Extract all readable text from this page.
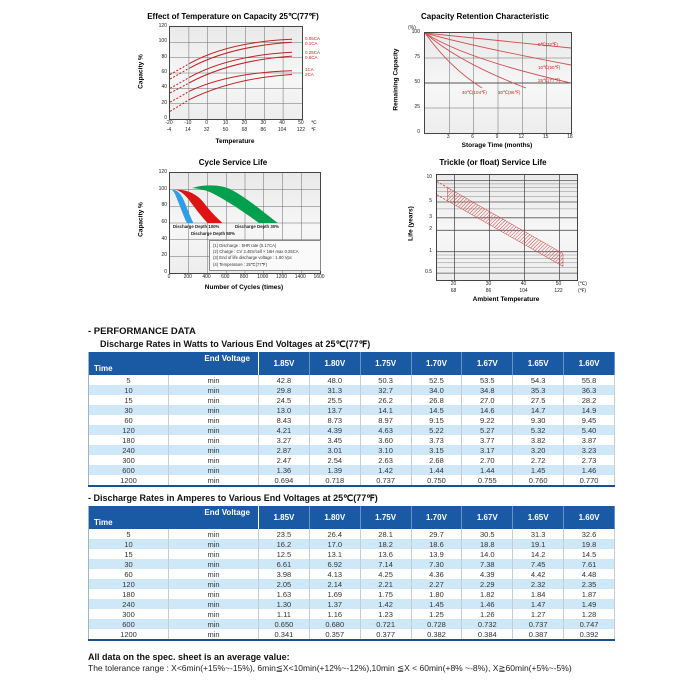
Effect of Temperature on Capacity 25℃(77℉)
Capacity %
120
100
80
60
40
20
0
0.05CA
0.1CA
0.25CA
0.6CA
1CA
2CA
-20	-10	0	10	20	30	40	50
-4	14	32	50	68	86	104	122
℃
℉
Temperature
Capacity Retention Characteristic
Remaining Capacity
(%)
100
75
50
25
0
0℃(32℉)
10℃(50℉)
25℃(77℉)
40℃(104℉) 30℃(86℉)
3	6	9	12	15	18
Storage Time (months)
Cycle Service Life
Capacity %
120
100
80
60
40
20
0
Discharge Depth 100%
Discharge Depth 50%
Discharge Depth 30%
(1) Discharge : 5HR rate (0.17CA)
(2) Charge : CV 2.45V/cell × 16H max 0.25CA
(3) End of life discharge voltage : 1.80 Vpc
(4) Temperature : 25℃(77℉)
0	200	400	600	800	1000	1200	1400	1600
Number of Cycles (times)
Trickle (or float) Service Life
Life (years)
10
5
3
2
1
0.5
20	30	40	50
68	86	104	122
(℃)
(℉)
Ambient Temperature

- PERFORMANCE DATA

Discharge Rates in Watts to Various End Voltages at 25℃(77℉)

End Voltage
Time		1.85V	1.80V	1.75V	1.70V	1.67V	1.65V	1.60V
5	min	42.8	48.0	50.3	52.5	53.5	54.3	55.8
10	min	29.8	31.3	32.7	34.0	34.8	35.3	36.3
15	min	24.5	25.5	26.2	26.8	27.0	27.5	28.2
30	min	13.0	13.7	14.1	14.5	14.6	14.7	14.9
60	min	8.43	8.73	8.97	9.15	9.22	9.30	9.45
120	min	4.21	4.39	4.63	5.22	5.27	5.32	5.40
180	min	3.27	3.45	3.60	3.73	3.77	3.82	3.87
240	min	2.87	3.01	3.10	3.15	3.17	3.20	3.23
300	min	2.47	2.54	2.63	2.68	2.70	2.72	2.73
600	min	1.36	1.39	1.42	1.44	1.44	1.45	1.46
1200	min	0.694	0.718	0.737	0.750	0.755	0.760	0.770

- Discharge Rates in Amperes to Various End Voltages at 25℃(77℉)

End Voltage
Time		1.85V	1.80V	1.75V	1.70V	1.67V	1.65V	1.60V
5	min	23.5	26.4	28.1	29.7	30.5	31.3	32.6
10	min	16.2	17.0	18.2	18.6	18.8	19.1	19.8
15	min	12.5	13.1	13.6	13.9	14.0	14.2	14.5
30	min	6.61	6.92	7.14	7.30	7.38	7.45	7.61
60	min	3.98	4.13	4.25	4.36	4.39	4.42	4.48
120	min	2.05	2.14	2.21	2.27	2.29	2.32	2.35
180	min	1.63	1.69	1.75	1.80	1.82	1.84	1.87
240	min	1.30	1.37	1.42	1.45	1.46	1.47	1.49
300	min	1.11	1.16	1.23	1.25	1.26	1.27	1.28
600	min	0.650	0.680	0.721	0.728	0.732	0.737	0.747
1200	min	0.341	0.357	0.377	0.382	0.384	0.387	0.392

All data on the spec. sheet is an average value:

The tolerance range : X<6min(+15%~-15%), 6min≦X<10min(+12%~-12%),10min ≦X < 60min(+8% ~-8%), X≧60min(+5%~-5%)
